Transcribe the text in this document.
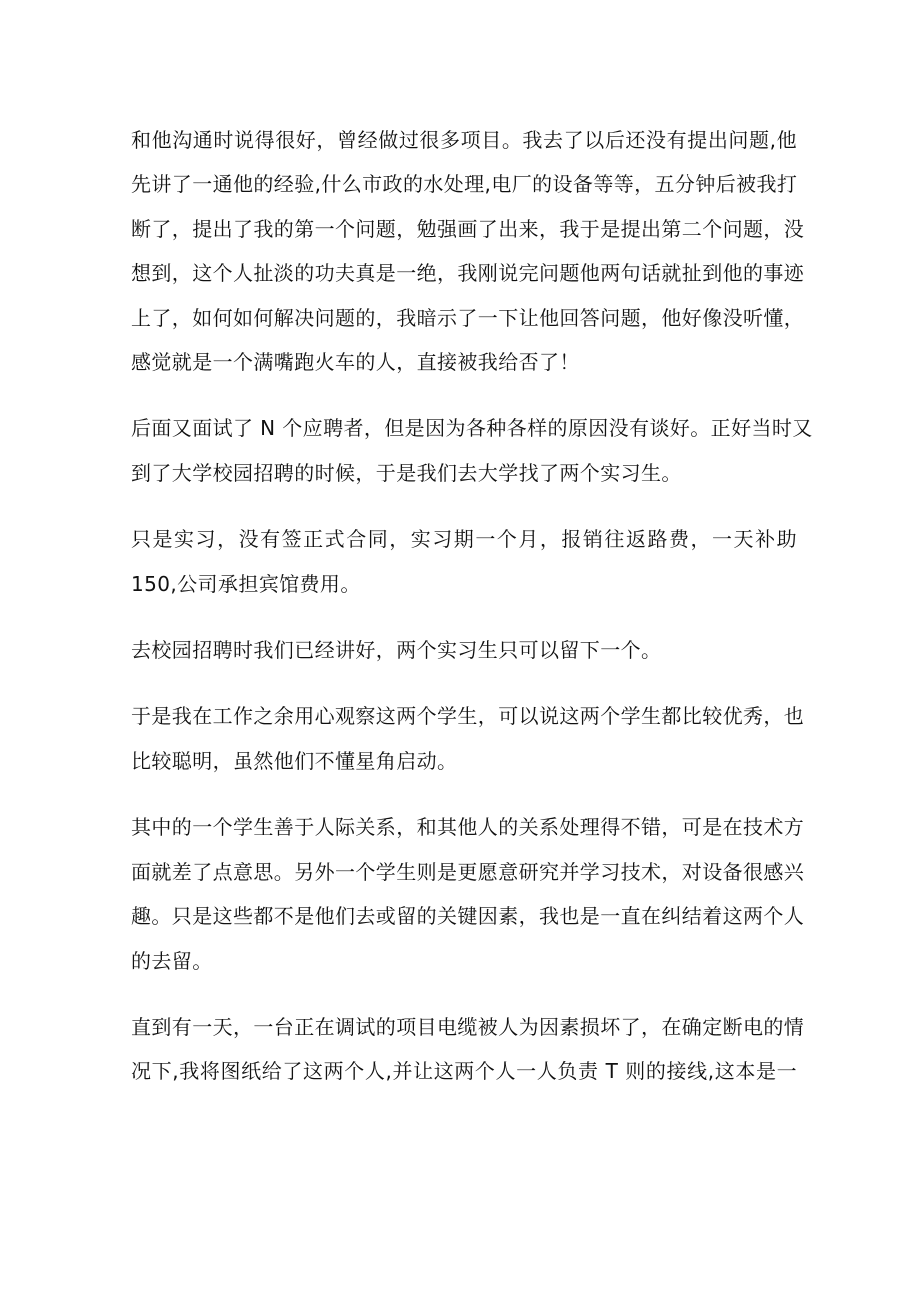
和他沟通时说得很好，曾经做过很多项目。我去了以后还没有提出问题,他
先讲了一通他的经验,什么市政的水处理,电厂的设备等等，五分钟后被我打
断了，提出了我的第一个问题，勉强画了出来，我于是提出第二个问题，没
想到，这个人扯淡的功夫真是一绝，我刚说完问题他两句话就扯到他的事迹
上了，如何如何解决问题的，我暗示了一下让他回答问题，他好像没听懂，
感觉就是一个满嘴跑火车的人，直接被我给否了！

后面又面试了 N 个应聘者，但是因为各种各样的原因没有谈好。正好当时又
到了大学校园招聘的时候，于是我们去大学找了两个实习生。

只是实习，没有签正式合同，实习期一个月，报销往返路费，一天补助
150,公司承担宾馆费用。

去校园招聘时我们已经讲好，两个实习生只可以留下一个。

于是我在工作之余用心观察这两个学生，可以说这两个学生都比较优秀，也
比较聪明，虽然他们不懂星角启动。

其中的一个学生善于人际关系，和其他人的关系处理得不错，可是在技术方
面就差了点意思。另外一个学生则是更愿意研究并学习技术，对设备很感兴
趣。只是这些都不是他们去或留的关键因素，我也是一直在纠结着这两个人
的去留。

直到有一天，一台正在调试的项目电缆被人为因素损坏了，在确定断电的情
况下,我将图纸给了这两个人,并让这两个人一人负责 T 则的接线,这本是一
